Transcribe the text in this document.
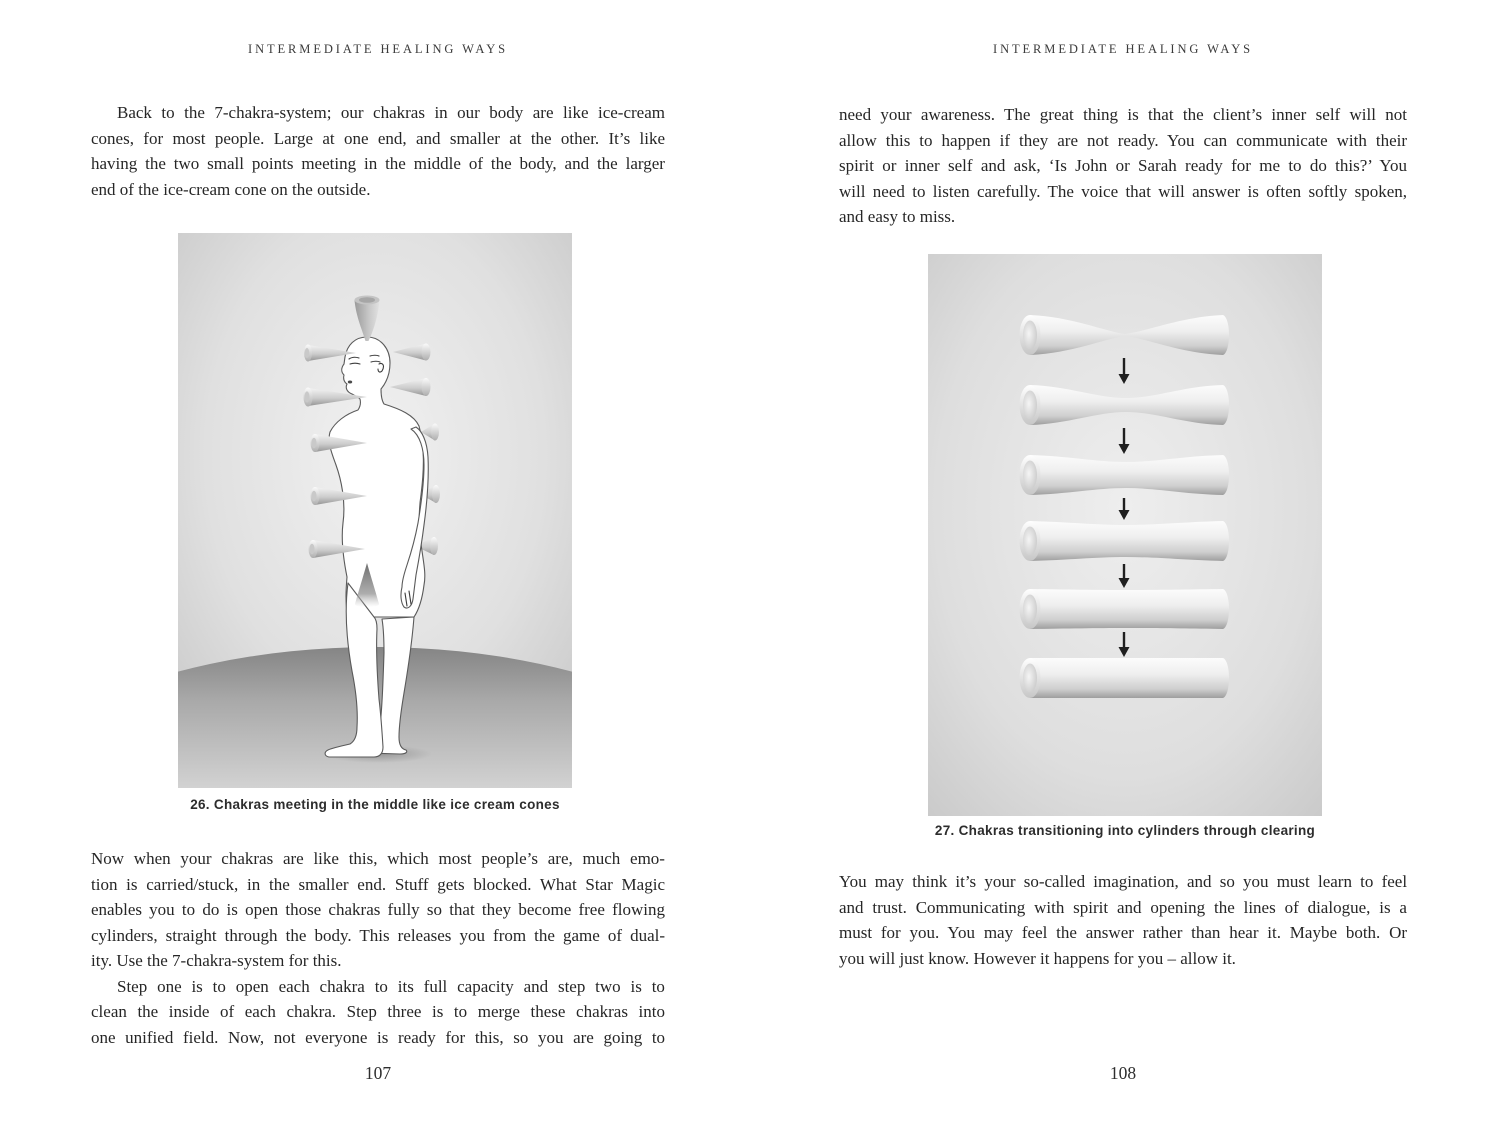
INTERMEDIATE HEALING WAYS
Back to the 7-chakra-system; our chakras in our body are like ice-cream
cones, for most people. Large at one end, and smaller at the other. It’s like
having the two small points meeting in the middle of the body, and the larger
end of the ice-cream cone on the outside.
26. Chakras meeting in the middle like ice cream cones
Now when your chakras are like this, which most people’s are, much emo-
tion is carried/stuck, in the smaller end. Stuff gets blocked. What Star Magic
enables you to do is open those chakras fully so that they become free flowing
cylinders, straight through the body. This releases you from the game of dual-
ity. Use the 7-chakra-system for this.
Step one is to open each chakra to its full capacity and step two is to
clean the inside of each chakra. Step three is to merge these chakras into
one unified field. Now, not everyone is ready for this, so you are going to
107
INTERMEDIATE HEALING WAYS
need your awareness. The great thing is that the client’s inner self will not
allow this to happen if they are not ready. You can communicate with their
spirit or inner self and ask, ‘Is John or Sarah ready for me to do this?’ You
will need to listen carefully. The voice that will answer is often softly spoken,
and easy to miss.
27. Chakras transitioning into cylinders through clearing
You may think it’s your so-called imagination, and so you must learn to feel
and trust. Communicating with spirit and opening the lines of dialogue, is a
must for you. You may feel the answer rather than hear it. Maybe both. Or
you will just know. However it happens for you – allow it.
108
